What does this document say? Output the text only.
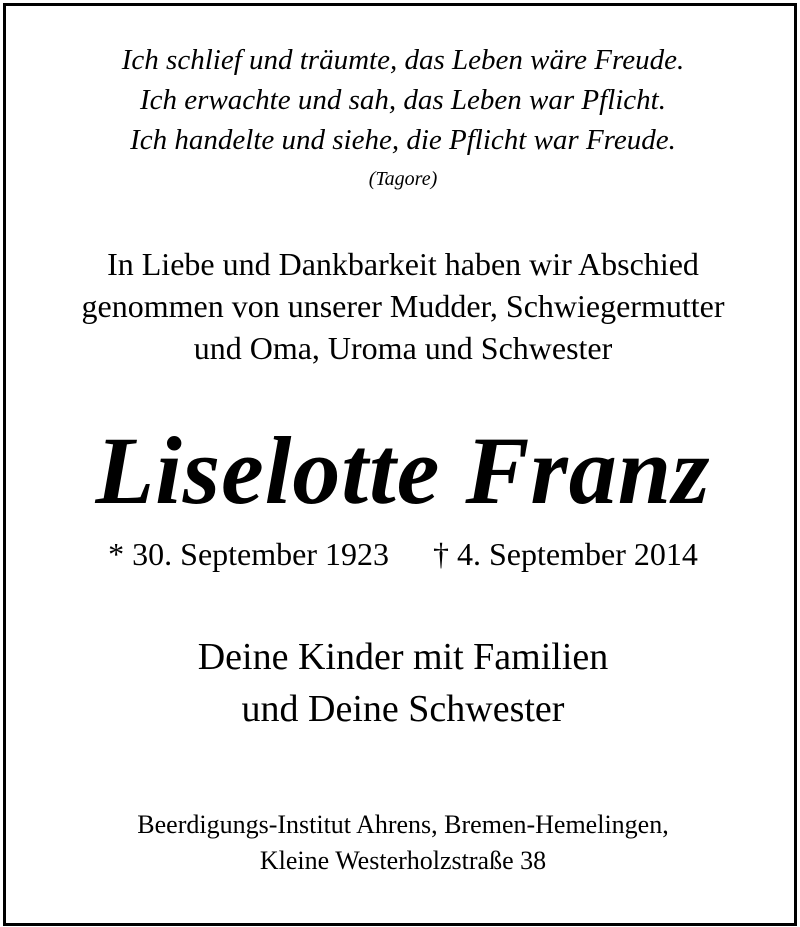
Ich schlief und träumte, das Leben wäre Freude.
Ich erwachte und sah, das Leben war Pflicht.
Ich handelte und siehe, die Pflicht war Freude.
(Tagore)
In Liebe und Dankbarkeit haben wir Abschied
genommen von unserer Mudder, Schwiegermutter
und Oma, Uroma und Schwester
Liselotte Franz
* 30. September 1923 † 4. September 2014
Deine Kinder mit Familien
und Deine Schwester
Beerdigungs-Institut Ahrens, Bremen-Hemelingen,
Kleine Westerholzstraße 38
